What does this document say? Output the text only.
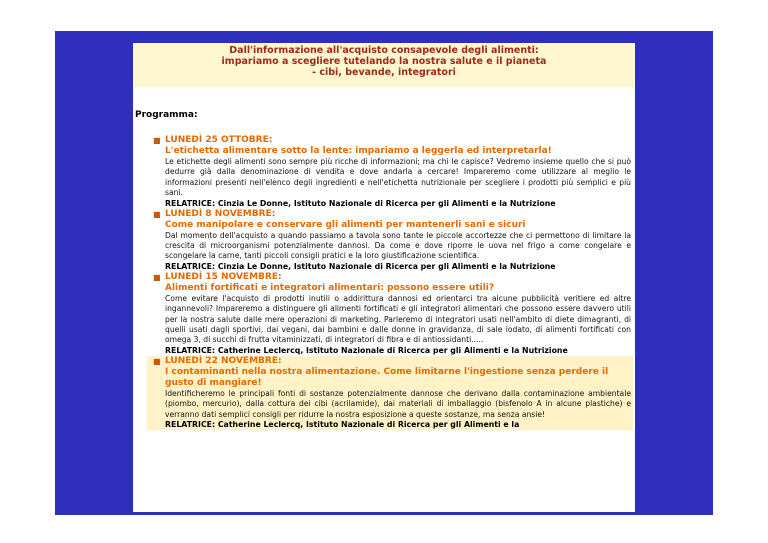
Dall'informazione all'acquisto consapevole degli alimenti:
impariamo a scegliere tutelando la nostra salute e il pianeta
- cibi, bevande, integratori
Programma:
■ LUNEDÌ 25 OTTOBRE:
L'etichetta alimentare sotto la lente: impariamo a leggerla ed interpretarla!
Le etichette degli alimenti sono sempre più ricche di informazioni; ma chi le capisce? Vedremo insieme quello che si può dedurre già dalla denominazione di vendita e dove andarla a cercare! Impareremo come utilizzare al meglio le informazioni presenti nell'elenco degli ingredienti e nell'etichetta nutrizionale per scegliere i prodotti più semplici e più sani.
RELATRICE: Cinzia Le Donne, Istituto Nazionale di Ricerca per gli Alimenti e la Nutrizione
■ LUNEDÌ 8 NOVEMBRE:
Come manipolare e conservare gli alimenti per mantenerli sani e sicuri
Dal momento dell'acquisto a quando passiamo a tavola sono tante le piccole accortezze che ci permettono di limitare la crescita di microorganismi potenzialmente dannosi. Da come e dove riporre le uova nel frigo a come congelare e scongelare la carne, tanti piccoli consigli pratici e la loro giustificazione scientifica.
RELATRICE: Cinzia Le Donne, Istituto Nazionale di Ricerca per gli Alimenti e la Nutrizione
■ LUNEDÌ 15 NOVEMBRE:
Alimenti fortificati e integratori alimentari: possono essere utili?
Come evitare l'acquisto di prodotti inutili o addirittura dannosi ed orientarci tra alcune pubblicità veritiere ed altre ingannevoli? Impareremo a distinguere gli alimenti fortificati e gli integratori alimentari che possono essere davvero utili per la nostra salute dalle mere operazioni di marketing. Parleremo di integratori usati nell'ambito di diete dimagranti, di quelli usati dagli sportivi, dai vegani, dai bambini e dalle donne in gravidanza, di sale iodato, di alimenti fortificati con omega 3, di succhi di frutta vitaminizzati, di integratori di fibra e di antiossidanti.....
RELATRICE: Catherine Leclercq, Istituto Nazionale di Ricerca per gli Alimenti e la Nutrizione
■ LUNEDÌ 22 NOVEMBRE:
I contaminanti nella nostra alimentazione. Come limitarne l'ingestione senza perdere il gusto di mangiare!
Identificheremo le principali fonti di sostanze potenzialmente dannose che derivano dalla contaminazione ambientale (piombo, mercurio), dalla cottura dei cibi (acrilamide), dai materiali di imballaggio (bisfenolo A in alcune plastiche) e verranno dati semplici consigli per ridurre la nostra esposizione a queste sostanze, ma senza ansie!
RELATRICE: Catherine Leclercq, Istituto Nazionale di Ricerca per gli Alimenti e la
